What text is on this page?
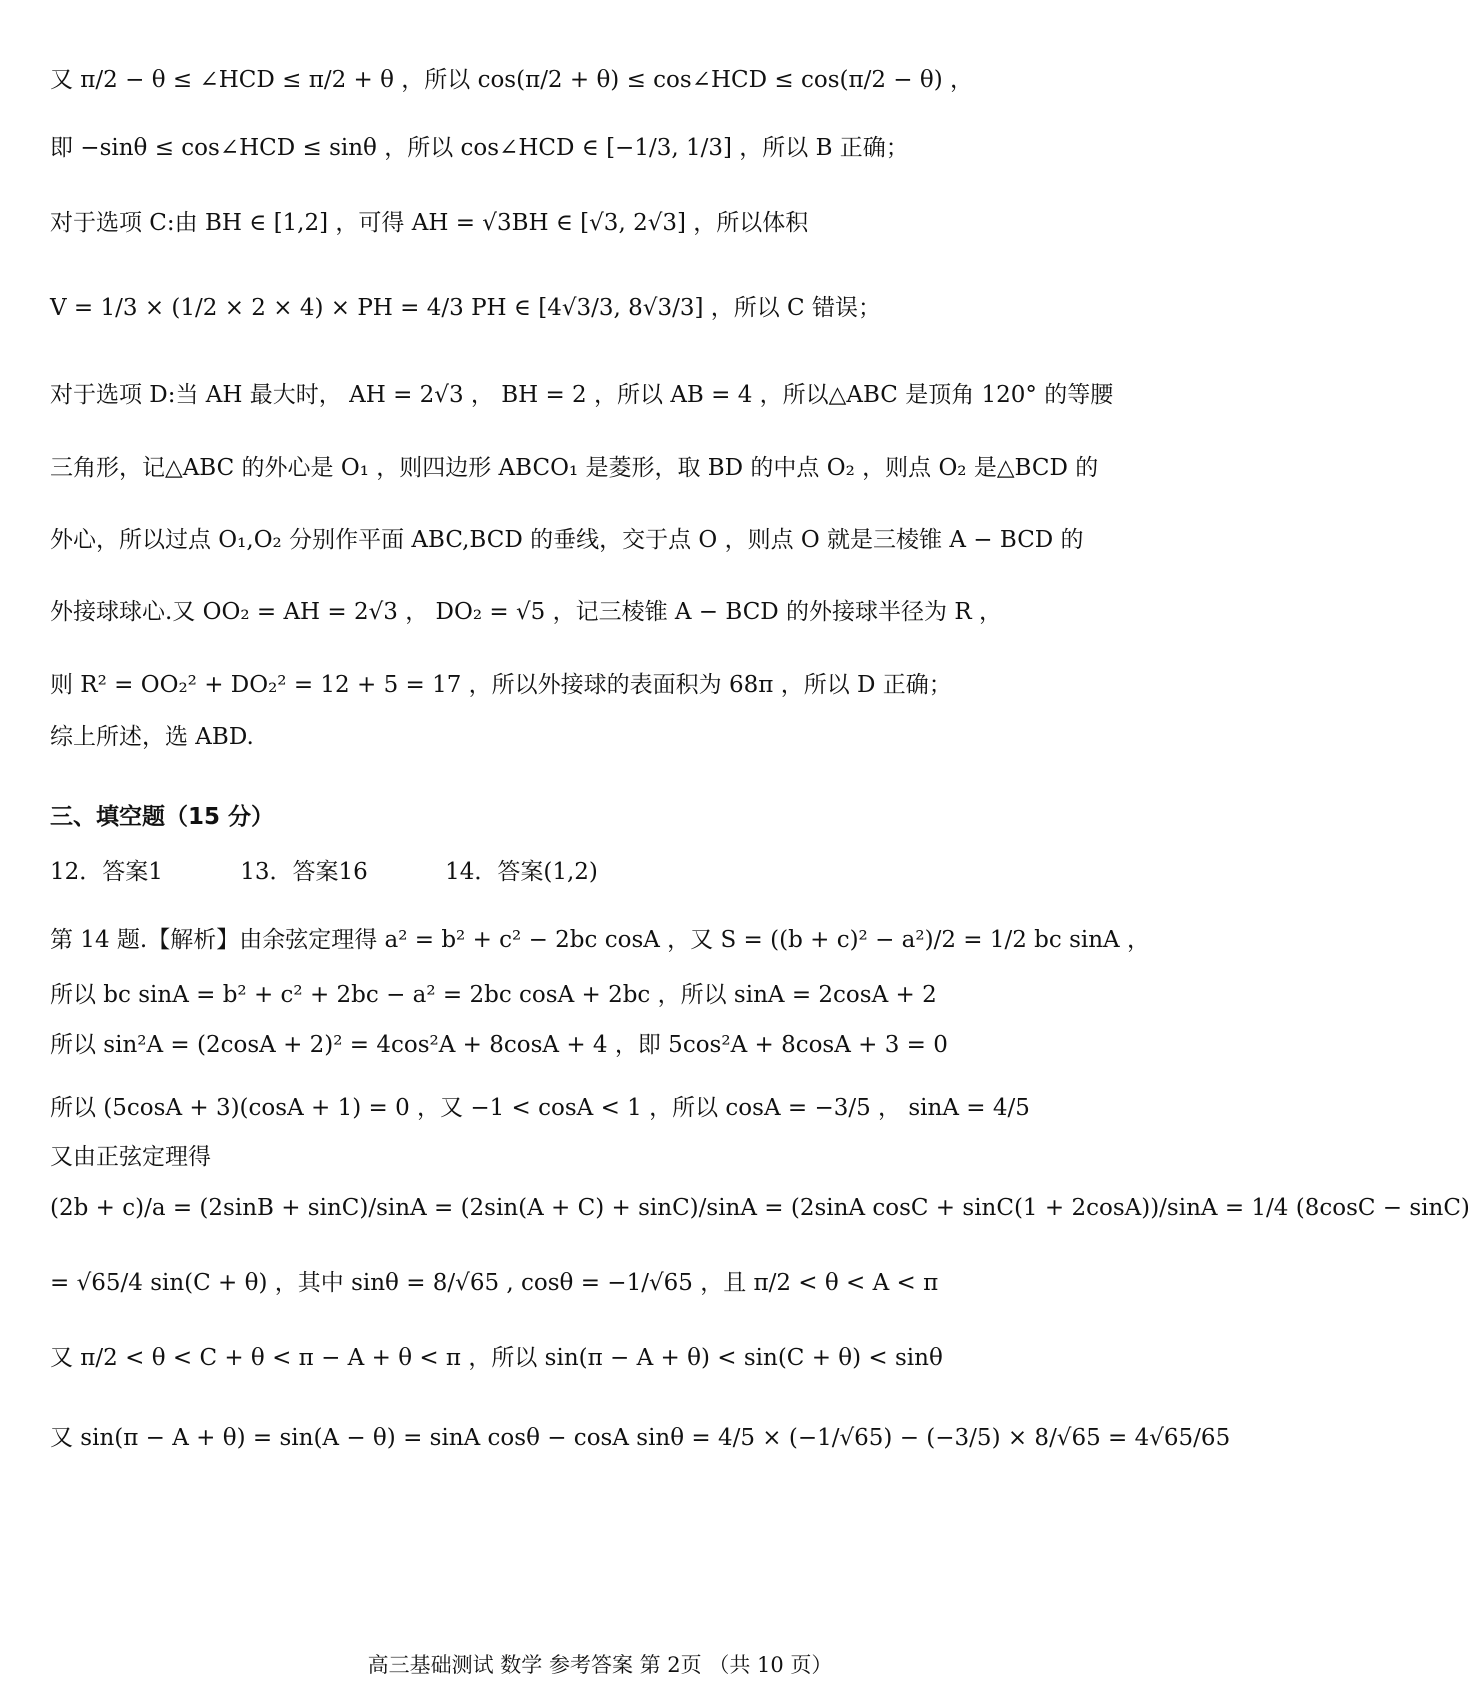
又 π/2 − θ ≤ ∠HCD ≤ π/2 + θ ，所以 cos(π/2 + θ) ≤ cos∠HCD ≤ cos(π/2 − θ) ，
即 −sinθ ≤ cos∠HCD ≤ sinθ ，所以 cos∠HCD ∈ [−1/3, 1/3] ，所以 B 正确；
对于选项 C:由 BH ∈ [1,2] ，可得 AH = √3BH ∈ [√3, 2√3] ，所以体积
V = 1/3 × (1/2 × 2 × 4) × PH = 4/3 PH ∈ [4√3/3, 8√3/3] ，所以 C 错误；
对于选项 D:当 AH 最大时， AH = 2√3 ， BH = 2 ，所以 AB = 4 ，所以△ABC 是顶角 120° 的等腰
三角形，记△ABC 的外心是 O₁ ，则四边形 ABCO₁ 是菱形，取 BD 的中点 O₂ ，则点 O₂ 是△BCD 的
外心，所以过点 O₁,O₂ 分别作平面 ABC,BCD 的垂线，交于点 O ，则点 O 就是三棱锥 A − BCD 的
外接球球心.又 OO₂ = AH = 2√3 ， DO₂ = √5 ，记三棱锥 A − BCD 的外接球半径为 R ，
则 R² = OO₂² + DO₂² = 12 + 5 = 17 ，所以外接球的表面积为 68π ，所以 D 正确；
综上所述，选 ABD.
三、填空题（15 分）
12．答案1	13．答案16	14．答案(1,2)
第 14 题.【解析】由余弦定理得 a² = b² + c² − 2bc cosA ，又 S = ((b + c)² − a²)/2 = 1/2 bc sinA ，
所以 bc sinA = b² + c² + 2bc − a² = 2bc cosA + 2bc ，所以 sinA = 2cosA + 2
所以 sin²A = (2cosA + 2)² = 4cos²A + 8cosA + 4 ，即 5cos²A + 8cosA + 3 = 0
所以 (5cosA + 3)(cosA + 1) = 0 ，又 −1 < cosA < 1 ，所以 cosA = −3/5 ， sinA = 4/5
又由正弦定理得
(2b + c)/a = (2sinB + sinC)/sinA = (2sin(A + C) + sinC)/sinA = (2sinA cosC + sinC(1 + 2cosA))/sinA = 1/4 (8cosC − sinC)
= √65/4 sin(C + θ) ，其中 sinθ = 8/√65 , cosθ = −1/√65 ，且 π/2 < θ < A < π
又 π/2 < θ < C + θ < π − A + θ < π ，所以 sin(π − A + θ) < sin(C + θ) < sinθ
又 sin(π − A + θ) = sin(A − θ) = sinA cosθ − cosA sinθ = 4/5 × (−1/√65) − (−3/5) × 8/√65 = 4√65/65
高三基础测试 数学 参考答案 第 2页 （共 10 页）
